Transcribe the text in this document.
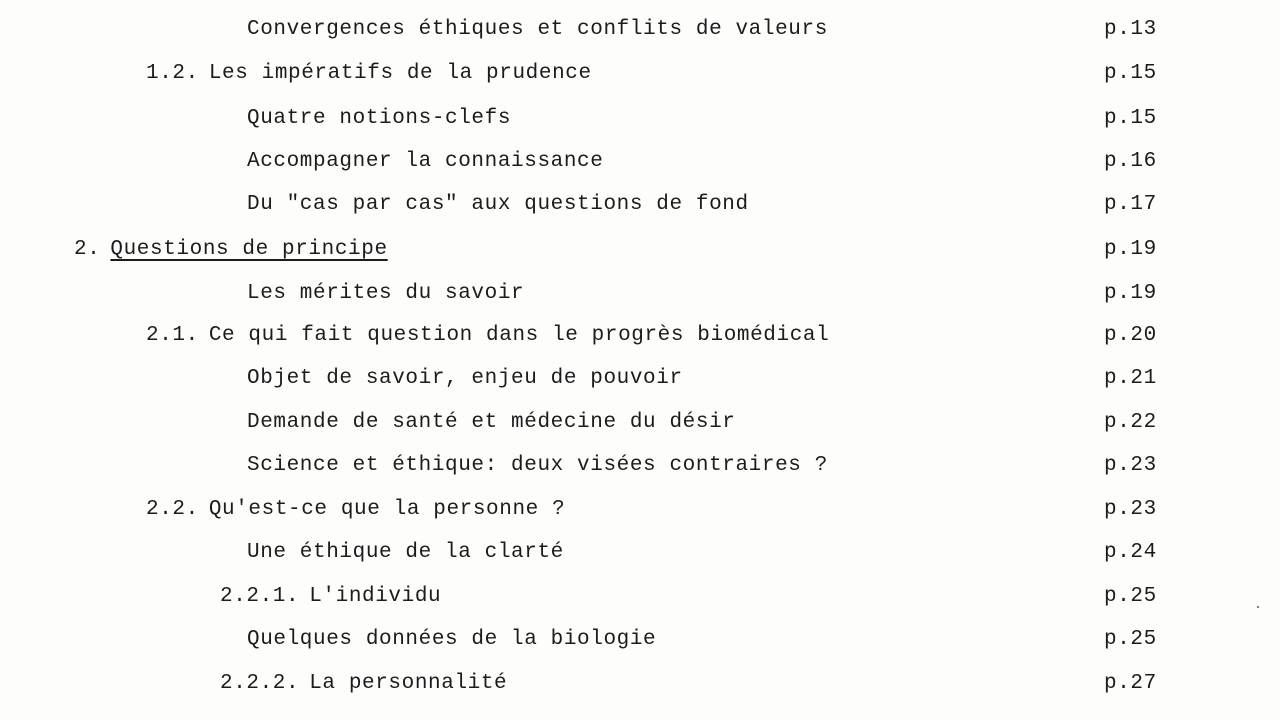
Convergences éthiques et conflits de valeurs	p.13
1.2. Les impératifs de la prudence	p.15
Quatre notions-clefs	p.15
Accompagner la connaissance	p.16
Du "cas par cas" aux questions de fond	p.17
2. Questions de principe	p.19
Les mérites du savoir	p.19
2.1. Ce qui fait question dans le progrès biomédical	p.20
Objet de savoir, enjeu de pouvoir	p.21
Demande de santé et médecine du désir	p.22
Science et éthique: deux visées contraires ?	p.23
2.2. Qu'est-ce que la personne ?	p.23
Une éthique de la clarté	p.24
2.2.1. L'individu	p.25
Quelques données de la biologie	p.25
2.2.2. La personnalité	p.27
